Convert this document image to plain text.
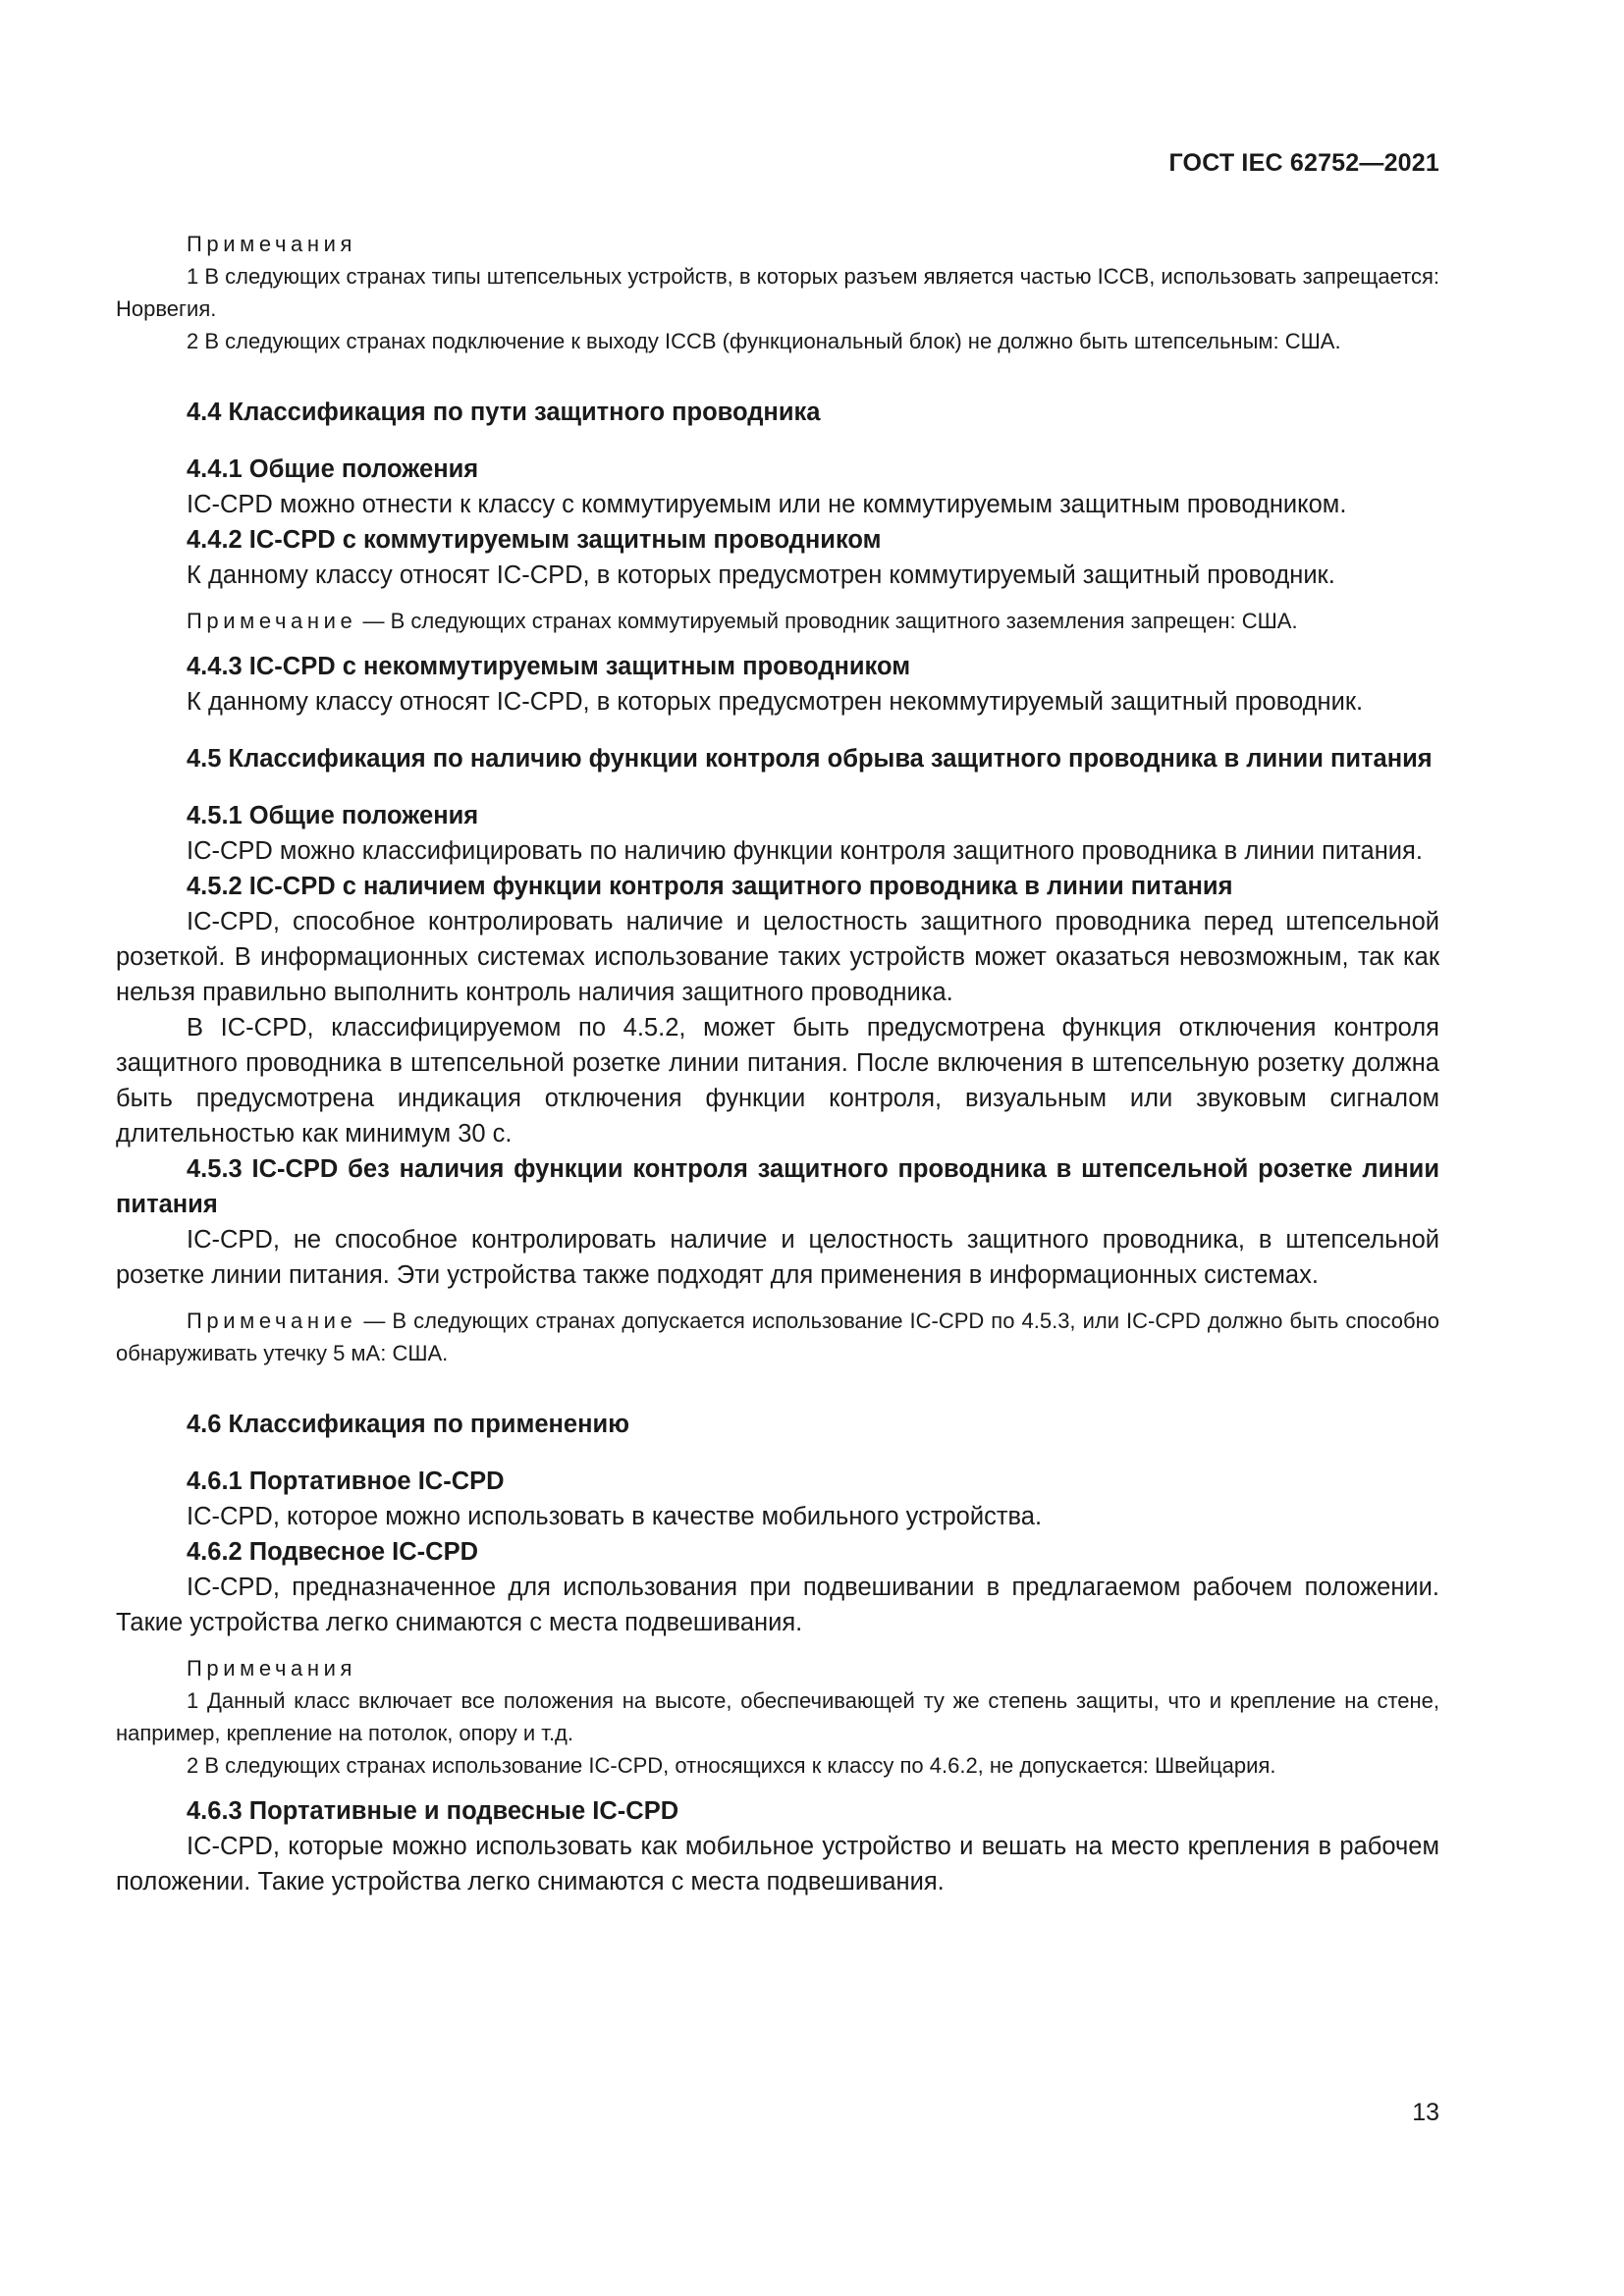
ГОСТ IEC 62752—2021

Примечания

1 В следующих странах типы штепсельных устройств, в которых разъем является частью ICCB, использовать запрещается: Норвегия.

2 В следующих странах подключение к выходу ICCB (функциональный блок) не должно быть штепсельным: США.

4.4 Классификация по пути защитного проводника

4.4.1 Общие положения

IC-CPD можно отнести к классу с коммутируемым или не коммутируемым защитным проводником.

4.4.2 IC-CPD с коммутируемым защитным проводником

К данному классу относят IC-CPD, в которых предусмотрен коммутируемый защитный проводник.

Примечание — В следующих странах коммутируемый проводник защитного заземления запрещен: США.

4.4.3 IC-CPD с некоммутируемым защитным проводником

К данному классу относят IC-CPD, в которых предусмотрен некоммутируемый защитный проводник.

4.5 Классификация по наличию функции контроля обрыва защитного проводника в линии питания

4.5.1 Общие положения

IC-CPD можно классифицировать по наличию функции контроля защитного проводника в линии питания.

4.5.2 IC-CPD с наличием функции контроля защитного проводника в линии питания

IC-CPD, способное контролировать наличие и целостность защитного проводника перед штепсельной розеткой. В информационных системах использование таких устройств может оказаться невозможным, так как нельзя правильно выполнить контроль наличия защитного проводника.

В IC-CPD, классифицируемом по 4.5.2, может быть предусмотрена функция отключения контроля защитного проводника в штепсельной розетке линии питания. После включения в штепсельную розетку должна быть предусмотрена индикация отключения функции контроля, визуальным или звуковым сигналом длительностью как минимум 30 с.

4.5.3 IC-CPD без наличия функции контроля защитного проводника в штепсельной розетке линии питания

IC-CPD, не способное контролировать наличие и целостность защитного проводника, в штепсельной розетке линии питания. Эти устройства также подходят для применения в информационных системах.

Примечание — В следующих странах допускается использование IC-CPD по 4.5.3, или IC-CPD должно быть способно обнаруживать утечку 5 мА: США.

4.6 Классификация по применению

4.6.1 Портативное IC-CPD

IC-CPD, которое можно использовать в качестве мобильного устройства.

4.6.2 Подвесное IC-CPD

IC-CPD, предназначенное для использования при подвешивании в предлагаемом рабочем положении. Такие устройства легко снимаются с места подвешивания.

Примечания

1 Данный класс включает все положения на высоте, обеспечивающей ту же степень защиты, что и крепление на стене, например, крепление на потолок, опору и т.д.

2 В следующих странах использование IC-CPD, относящихся к классу по 4.6.2, не допускается: Швейцария.

4.6.3 Портативные и подвесные IC-CPD

IC-CPD, которые можно использовать как мобильное устройство и вешать на место крепления в рабочем положении. Такие устройства легко снимаются с места подвешивания.

13
